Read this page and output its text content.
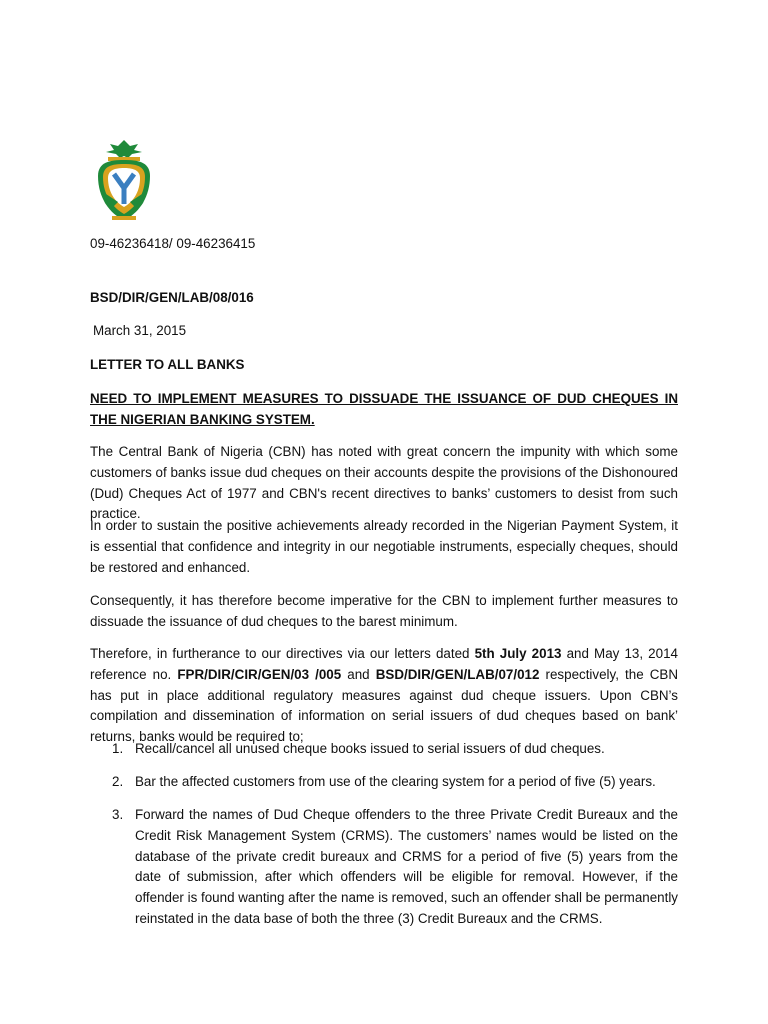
09-46236418/ 09-46236415
BSD/DIR/GEN/LAB/08/016
March 31, 2015
LETTER TO ALL BANKS
NEED TO IMPLEMENT MEASURES TO DISSUADE THE ISSUANCE OF DUD CHEQUES IN THE NIGERIAN BANKING SYSTEM.
The Central Bank of Nigeria (CBN) has noted with great concern the impunity with which some customers of banks issue dud cheques on their accounts despite the provisions of the Dishonoured (Dud) Cheques Act of 1977 and CBN's recent directives to banks’ customers to desist from such practice.
In order to sustain the positive achievements already recorded in the Nigerian Payment System, it is essential that confidence and integrity in our negotiable instruments, especially cheques, should be restored and enhanced.
Consequently, it has therefore become imperative for the CBN to implement further measures to dissuade the issuance of dud cheques to the barest minimum.
Therefore, in furtherance to our directives via our letters dated 5th July 2013 and May 13, 2014 reference no. FPR/DIR/CIR/GEN/03 /005 and BSD/DIR/GEN/LAB/07/012 respectively, the CBN has put in place additional regulatory measures against dud cheque issuers. Upon CBN’s compilation and dissemination of information on serial issuers of dud cheques based on bank’ returns, banks would be required to;
1. Recall/cancel all unused cheque books issued to serial issuers of dud cheques.
2. Bar the affected customers from use of the clearing system for a period of five (5) years.
3. Forward the names of Dud Cheque offenders to the three Private Credit Bureaux and the Credit Risk Management System (CRMS). The customers’ names would be listed on the database of the private credit bureaux and CRMS for a period of five (5) years from the date of submission, after which offenders will be eligible for removal. However, if the offender is found wanting after the name is removed, such an offender shall be permanently reinstated in the data base of both the three (3) Credit Bureaux and the CRMS.
